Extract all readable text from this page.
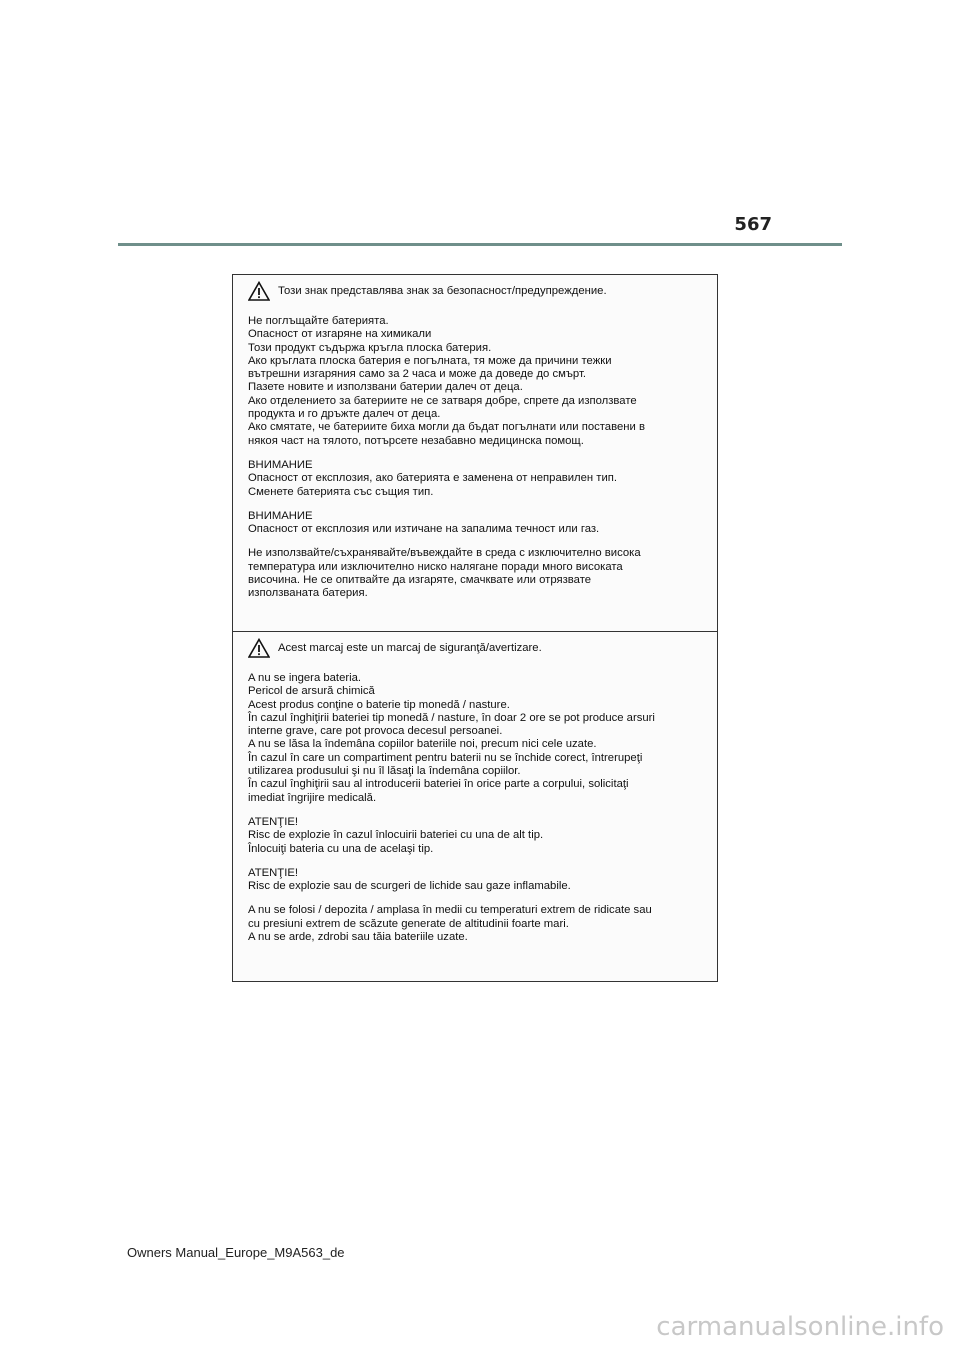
567
Този знак представлява знак за безопасност/предупреждение.
Не поглъщайте батерията.
Опасност от изгаряне на химикали
Този продукт съдържа кръгла плоска батерия.
Ако кръглата плоска батерия е погълната, тя може да причини тежки
вътрешни изгаряния само за 2 часа и може да доведе до смърт.
Пазете новите и използвани батерии далеч от деца.
Ако отделението за батериите не се затваря добре, спрете да използвате
продукта и го дръжте далеч от деца.
Ако смятате, че батериите биха могли да бъдат погълнати или поставени в
някоя част на тялото, потърсете незабавно медицинска помощ.
ВНИМАНИЕ
Опасност от експлозия, ако батерията е заменена от неправилен тип.
Сменете батерията със същия тип.
ВНИМАНИЕ
Опасност от експлозия или изтичане на запалима течност или газ.
Не използвайте/съхранявайте/въвеждайте в среда с изключително висока
температура или изключително ниско налягане поради много високата
височина. Не се опитвайте да изгаряте, смачквате или отрязвате
използваната батерия.
Acest marcaj este un marcaj de siguranţă/avertizare.
A nu se ingera bateria.
Pericol de arsură chimică
Acest produs conţine o baterie tip monedă / nasture.
În cazul înghiţirii bateriei tip monedă / nasture, în doar 2 ore se pot produce arsuri
interne grave, care pot provoca decesul persoanei.
A nu se lăsa la îndemâna copiilor bateriile noi, precum nici cele uzate.
În cazul în care un compartiment pentru baterii nu se închide corect, întrerupeţi
utilizarea produsului şi nu îl lăsaţi la îndemâna copiilor.
În cazul înghiţirii sau al introducerii bateriei în orice parte a corpului, solicitaţi
imediat îngrijire medicală.
ATENŢIE!
Risc de explozie în cazul înlocuirii bateriei cu una de alt tip.
Înlocuiţi bateria cu una de acelaşi tip.
ATENŢIE!
Risc de explozie sau de scurgeri de lichide sau gaze inflamabile.
A nu se folosi / depozita / amplasa în medii cu temperaturi extrem de ridicate sau
cu presiuni extrem de scăzute generate de altitudinii foarte mari.
A nu se arde, zdrobi sau tăia bateriile uzate.
Owners Manual_Europe_M9A563_de
carmanualsonline.info
